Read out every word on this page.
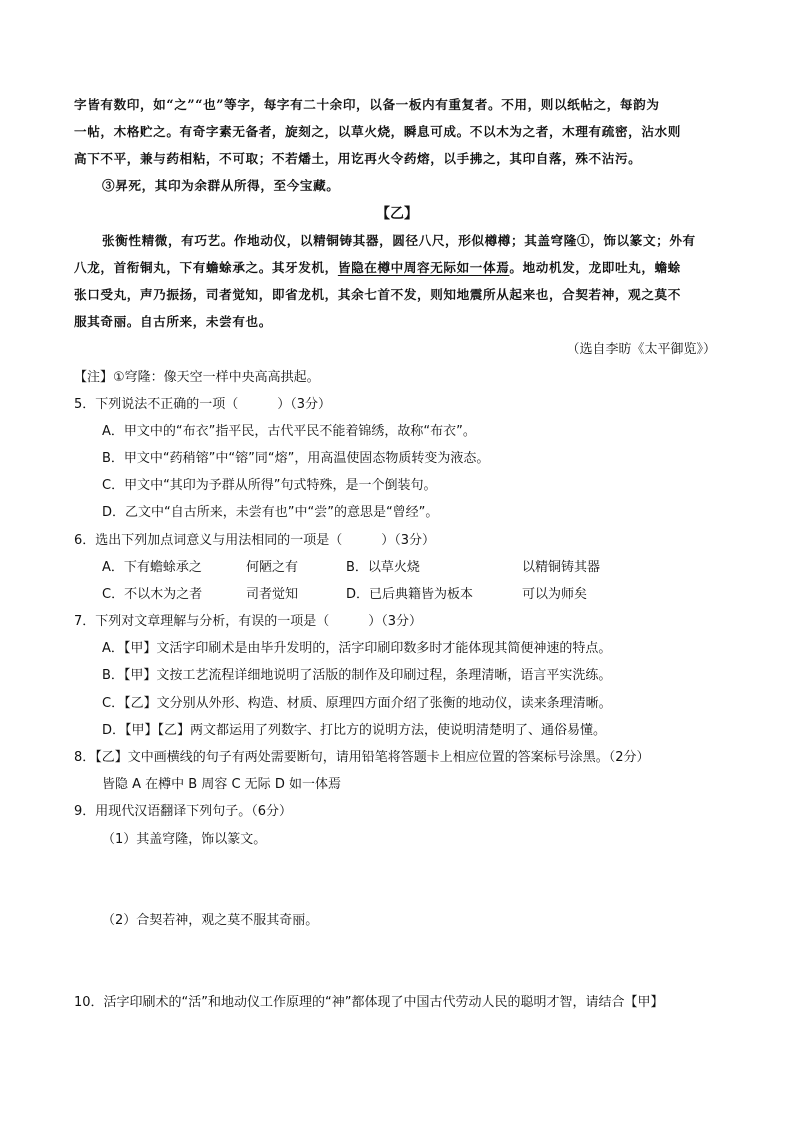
字皆有数印，如“之”“也”等字，每字有二十余印，以备一板内有重复者。不用，则以纸帖之，每韵为
一帖，木格贮之。有奇字素无备者，旋刻之，以草火烧，瞬息可成。不以木为之者，木理有疏密，沾水则
高下不平，兼与药相粘，不可取；不若燔土，用讫再火令药熔，以手拂之，其印自落，殊不沾污。
③昇死，其印为余群从所得，至今宝藏。
【乙】
张衡性精微，有巧艺。作地动仪，以精铜铸其器，圆径八尺，形似樽樽；其盖穹隆①，饰以篆文；外有
八龙，首衔铜丸，下有蟾蜍承之。其牙发机，皆隐在樽中周容无际如一体焉。地动机发，龙即吐丸，蟾蜍
张口受丸，声乃振扬，司者觉知，即省龙机，其余七首不发，则知地震所从起来也，合契若神，观之莫不
服其奇丽。自古所来，未尝有也。
（选自李昉《太平御览》）
【注】①穹隆：像天空一样中央高高拱起。
5．下列说法不正确的一项（　　　）（3分）
A．甲文中的“布衣”指平民，古代平民不能着锦绣，故称“布衣”。
B．甲文中“药稍镕”中“镕”同“熔”，用高温使固态物质转变为液态。
C．甲文中“其印为予群从所得”句式特殊，是一个倒装句。
D．乙文中“自古所来，未尝有也”中“尝”的意思是“曾经”。
6．选出下列加点词意义与用法相同的一项是（　　　）（3分）
A．下有蟾蜍承之	何陋之有	B．以草火烧	以精铜铸其器
C．不以木为之者	司者觉知	D．已后典籍皆为板本	可以为师矣
7．下列对文章理解与分析，有误的一项是（　　　）（3分）
A．【甲】文活字印刷术是由毕升发明的，活字印刷印数多时才能体现其简便神速的特点。
B．【甲】文按工艺流程详细地说明了活版的制作及印刷过程，条理清晰，语言平实洗练。
C．【乙】文分别从外形、构造、材质、原理四方面介绍了张衡的地动仪，读来条理清晰。
D．【甲】【乙】两文都运用了列数字、打比方的说明方法，使说明清楚明了、通俗易懂。
8．【乙】文中画横线的句子有两处需要断句，请用铅笔将答题卡上相应位置的答案标号涂黑。（2分）
皆隐 A 在樽中 B 周容 C 无际 D 如一体焉
9．用现代汉语翻译下列句子。（6分）
（1）其盖穹隆，饰以篆文。
（2）合契若神，观之莫不服其奇丽。
10．活字印刷术的“活”和地动仪工作原理的“神”都体现了中国古代劳动人民的聪明才智，请结合【甲】
